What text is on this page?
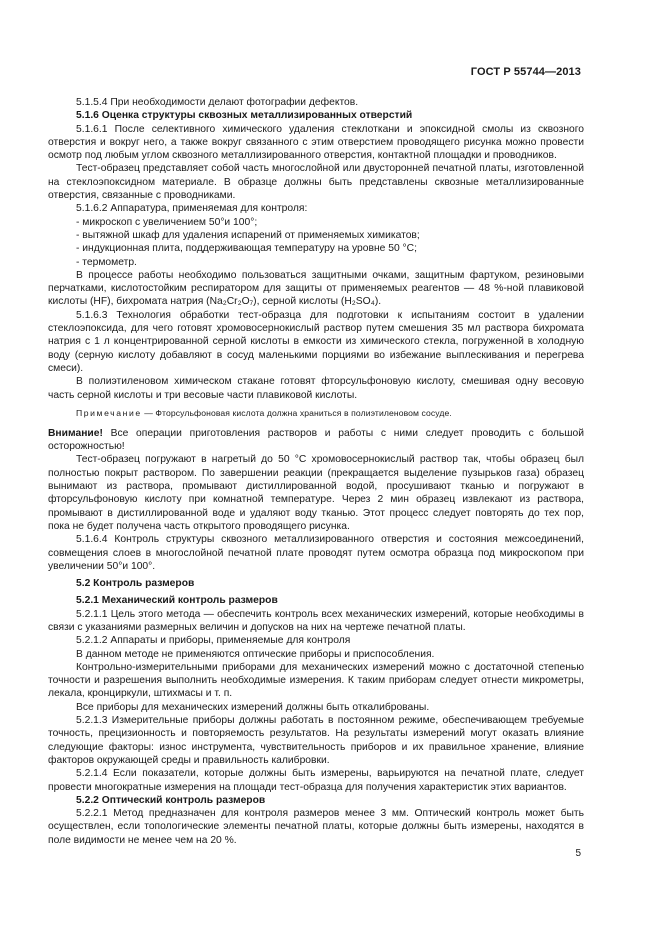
ГОСТ Р 55744—2013

5.1.5.4 При необходимости делают фотографии дефектов.

5.1.6 Оценка структуры сквозных металлизированных отверстий

5.1.6.1 После селективного химического удаления стеклоткани и эпоксидной смолы из сквозного отверстия и вокруг него, а также вокруг связанного с этим отверстием проводящего рисунка можно провести осмотр под любым углом сквозного металлизированного отверстия, контактной площадки и проводников.

Тест-образец представляет собой часть многослойной или двусторонней печатной платы, изготовленной на стеклоэпоксидном материале. В образце должны быть представлены сквозные металлизированные отверстия, связанные с проводниками.

5.1.6.2 Аппаратура, применяемая для контроля:

- микроскоп с увеличением 50°и 100°;

- вытяжной шкаф для удаления испарений от применяемых химикатов;

- индукционная плита, поддерживающая температуру на уровне 50 °С;

- термометр.

В процессе работы необходимо пользоваться защитными очками, защитным фартуком, резиновыми перчатками, кислотостойким респиратором для защиты от применяемых реагентов — 48 %-ной плавиковой кислоты (HF), бихромата натрия (Na₂Cr₂O₇), серной кислоты (H₂SO₄).

5.1.6.3 Технология обработки тест-образца для подготовки к испытаниям состоит в удалении стеклоэпоксида, для чего готовят хромовосернокислый раствор путем смешения 35 мл раствора бихромата натрия с 1 л концентрированной серной кислоты в емкости из химического стекла, погруженной в холодную воду (серную кислоту добавляют в сосуд маленькими порциями во избежание выплескивания и перегрева смеси).

В полиэтиленовом химическом стакане готовят фторсульфоновую кислоту, смешивая одну весовую часть серной кислоты и три весовые части плавиковой кислоты.

Примечание — Фторсульфоновая кислота должна храниться в полиэтиленовом сосуде.

Внимание! Все операции приготовления растворов и работы с ними следует проводить с большой осторожностью!

Тест-образец погружают в нагретый до 50 °С хромовосернокислый раствор так, чтобы образец был полностью покрыт раствором. По завершении реакции (прекращается выделение пузырьков газа) образец вынимают из раствора, промывают дистиллированной водой, просушивают тканью и погружают в фторсульфоновую кислоту при комнатной температуре. Через 2 мин образец извлекают из раствора, промывают в дистиллированной воде и удаляют воду тканью. Этот процесс следует повторять до тех пор, пока не будет получена часть открытого проводящего рисунка.

5.1.6.4 Контроль структуры сквозного металлизированного отверстия и состояния межсоединений, совмещения слоев в многослойной печатной плате проводят путем осмотра образца под микроскопом при увеличении 50°и 100°.

5.2 Контроль размеров

5.2.1 Механический контроль размеров

5.2.1.1 Цель этого метода — обеспечить контроль всех механических измерений, которые необходимы в связи с указаниями размерных величин и допусков на них на чертеже печатной платы.

5.2.1.2 Аппараты и приборы, применяемые для контроля

В данном методе не применяются оптические приборы и приспособления.

Контрольно-измерительными приборами для механических измерений можно с достаточной степенью точности и разрешения выполнить необходимые измерения. К таким приборам следует отнести микрометры, лекала, кронциркули, штихмасы и т. п.

Все приборы для механических измерений должны быть откалиброваны.

5.2.1.3 Измерительные приборы должны работать в постоянном режиме, обеспечивающем требуемые точность, прецизионность и повторяемость результатов. На результаты измерений могут оказать влияние следующие факторы: износ инструмента, чувствительность приборов и их правильное хранение, влияние факторов окружающей среды и правильность калибровки.

5.2.1.4 Если показатели, которые должны быть измерены, варьируются на печатной плате, следует провести многократные измерения на площади тест-образца для получения характеристик этих вариантов.

5.2.2 Оптический контроль размеров

5.2.2.1 Метод предназначен для контроля размеров менее 3 мм. Оптический контроль может быть осуществлен, если топологические элементы печатной платы, которые должны быть измерены, находятся в поле видимости не менее чем на 20 %.

5
